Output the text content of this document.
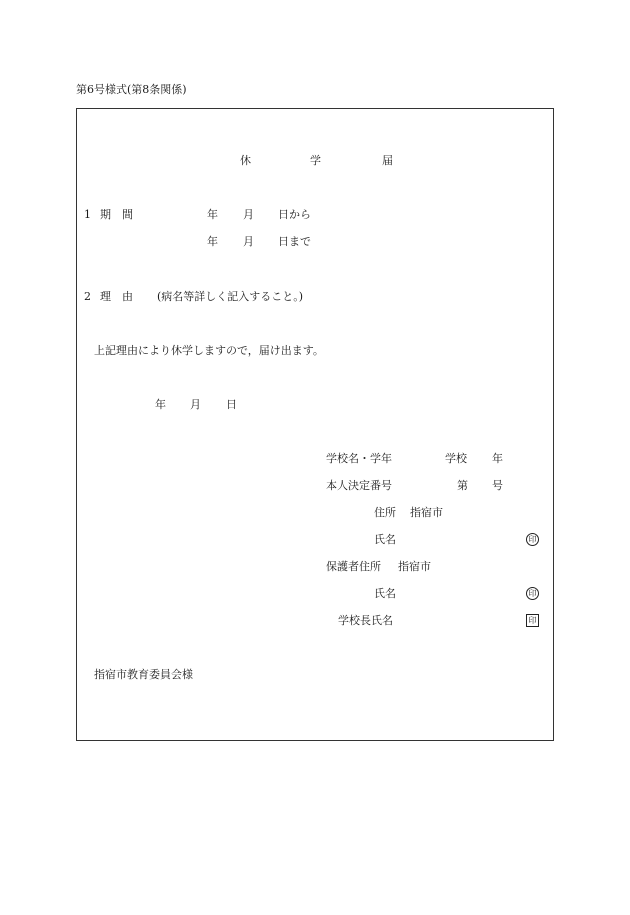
第6号様式(第8条関係)
休	学	届
1 期　間	年 月 日から
年 月 日まで
2 理　由 (病名等詳しく記入すること。)
上記理由により休学しますので，届け出ます。
年 月 日
学校名・学年	学校 年
本人決定番号	第 号
住所 指宿市
氏名	印
保護者住所 指宿市
氏名	印
学校長氏名	印
指宿市教育委員会様
